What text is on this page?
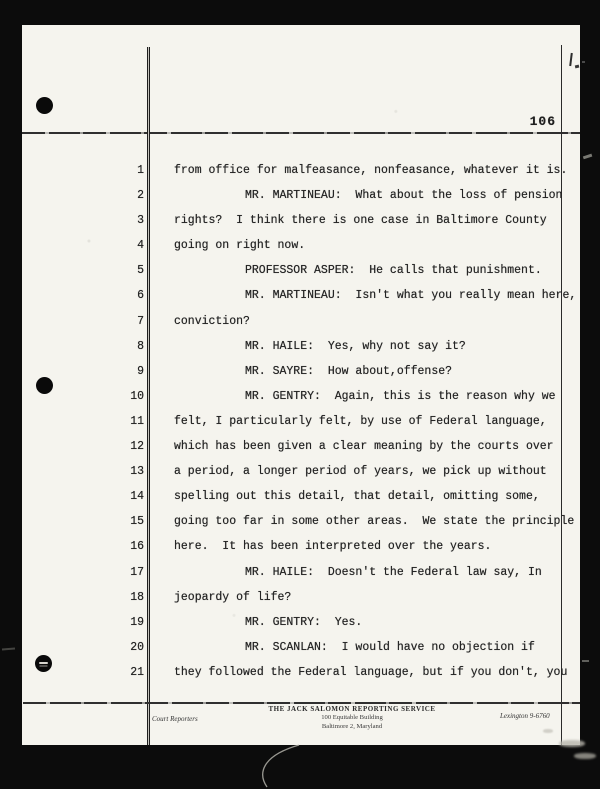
106
1	from office for malfeasance, nonfeasance, whatever it is.
2	MR. MARTINEAU:  What about the loss of pension
3	rights?  I think there is one case in Baltimore County
4	going on right now.
5	PROFESSOR ASPER:  He calls that punishment.
6	MR. MARTINEAU:  Isn't what you really mean here,
7	conviction?
8	MR. HAILE:  Yes, why not say it?
9	MR. SAYRE:  How about,offense?
10	MR. GENTRY:  Again, this is the reason why we
11	felt, I particularly felt, by use of Federal language,
12	which has been given a clear meaning by the courts over
13	a period, a longer period of years, we pick up without
14	spelling out this detail, that detail, omitting some,
15	going too far in some other areas.  We state the principle
16	here.  It has been interpreted over the years.
17	MR. HAILE:  Doesn't the Federal law say, In
18	jeopardy of life?
19	MR. GENTRY:  Yes.
20	MR. SCANLAN:  I would have no objection if
21	they followed the Federal language, but if you don't, you
Court Reporters
THE JACK SALOMON REPORTING SERVICE
100 Equitable Building
Baltimore 2, Maryland
Lexington 9-6760
